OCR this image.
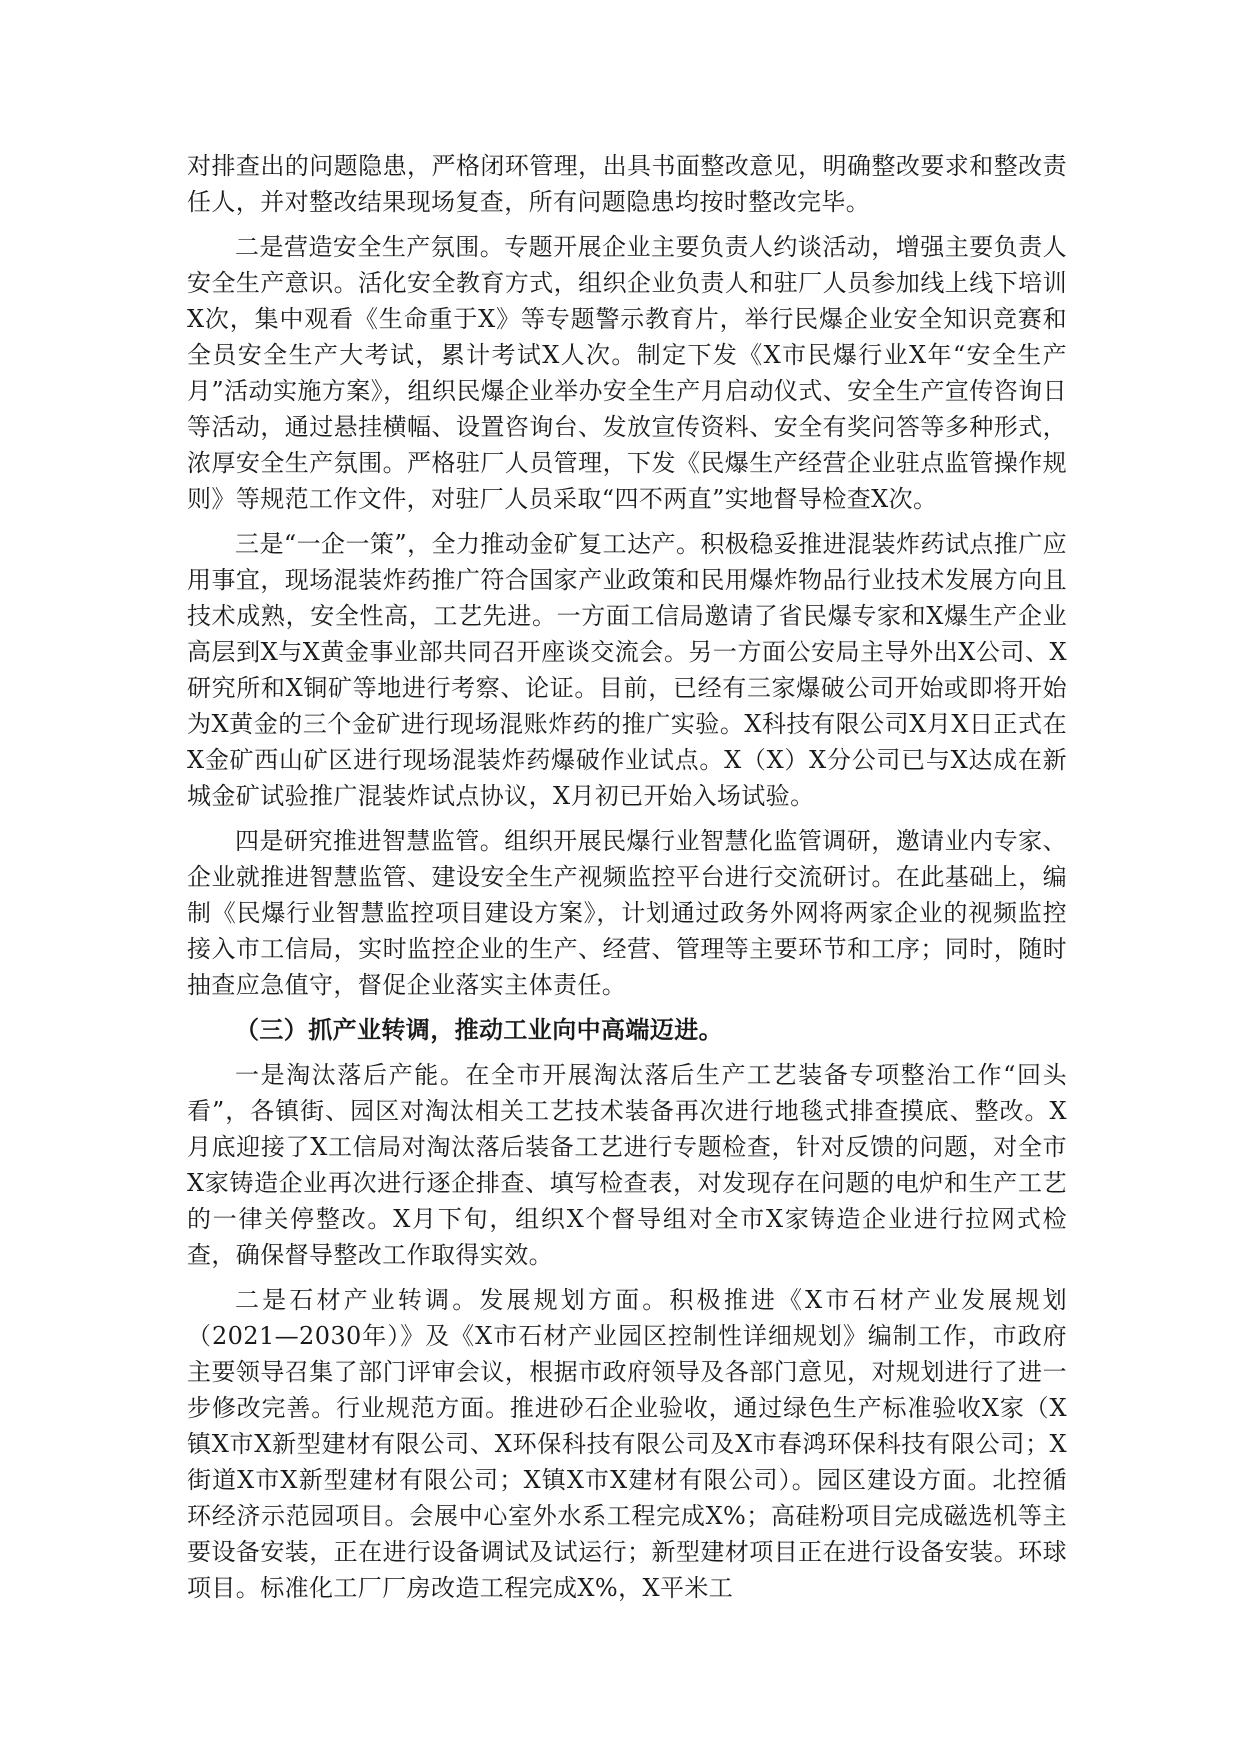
对排查出的问题隐患，严格闭环管理，出具书面整改意见，明确整改要求和整改责任人，并对整改结果现场复查，所有问题隐患均按时整改完毕。

二是营造安全生产氛围。专题开展企业主要负责人约谈活动，增强主要负责人安全生产意识。活化安全教育方式，组织企业负责人和驻厂人员参加线上线下培训X次，集中观看《生命重于X》等专题警示教育片，举行民爆企业安全知识竞赛和全员安全生产大考试，累计考试X人次。制定下发《X市民爆行业X年“安全生产月”活动实施方案》，组织民爆企业举办安全生产月启动仪式、安全生产宣传咨询日等活动，通过悬挂横幅、设置咨询台、发放宣传资料、安全有奖问答等多种形式，浓厚安全生产氛围。严格驻厂人员管理，下发《民爆生产经营企业驻点监管操作规则》等规范工作文件，对驻厂人员采取“四不两直”实地督导检查X次。

三是“一企一策”，全力推动金矿复工达产。积极稳妥推进混装炸药试点推广应用事宜，现场混装炸药推广符合国家产业政策和民用爆炸物品行业技术发展方向且技术成熟，安全性高，工艺先进。一方面工信局邀请了省民爆专家和X爆生产企业高层到X与X黄金事业部共同召开座谈交流会。另一方面公安局主导外出X公司、X研究所和X铜矿等地进行考察、论证。目前，已经有三家爆破公司开始或即将开始为X黄金的三个金矿进行现场混账炸药的推广实验。X科技有限公司X月X日正式在X金矿西山矿区进行现场混装炸药爆破作业试点。X（X）X分公司已与X达成在新城金矿试验推广混装炸试点协议，X月初已开始入场试验。

四是研究推进智慧监管。组织开展民爆行业智慧化监管调研，邀请业内专家、企业就推进智慧监管、建设安全生产视频监控平台进行交流研讨。在此基础上，编制《民爆行业智慧监控项目建设方案》，计划通过政务外网将两家企业的视频监控接入市工信局，实时监控企业的生产、经营、管理等主要环节和工序；同时，随时抽查应急值守，督促企业落实主体责任。

（三）抓产业转调，推动工业向中高端迈进。

一是淘汰落后产能。在全市开展淘汰落后生产工艺装备专项整治工作“回头看”，各镇街、园区对淘汰相关工艺技术装备再次进行地毯式排查摸底、整改。X月底迎接了X工信局对淘汰落后装备工艺进行专题检查，针对反馈的问题，对全市X家铸造企业再次进行逐企排查、填写检查表，对发现存在问题的电炉和生产工艺的一律关停整改。X月下旬，组织X个督导组对全市X家铸造企业进行拉网式检查，确保督导整改工作取得实效。

二是石材产业转调。发展规划方面。积极推进《X市石材产业发展规划（2021—2030年）》及《X市石材产业园区控制性详细规划》编制工作，市政府主要领导召集了部门评审会议，根据市政府领导及各部门意见，对规划进行了进一步修改完善。行业规范方面。推进砂石企业验收，通过绿色生产标准验收X家（X镇X市X新型建材有限公司、X环保科技有限公司及X市春鸿环保科技有限公司；X街道X市X新型建材有限公司；X镇X市X建材有限公司）。园区建设方面。北控循环经济示范园项目。会展中心室外水系工程完成X%；高硅粉项目完成磁选机等主要设备安装，正在进行设备调试及试运行；新型建材项目正在进行设备安装。环球项目。标准化工厂厂房改造工程完成X%，X平米工
